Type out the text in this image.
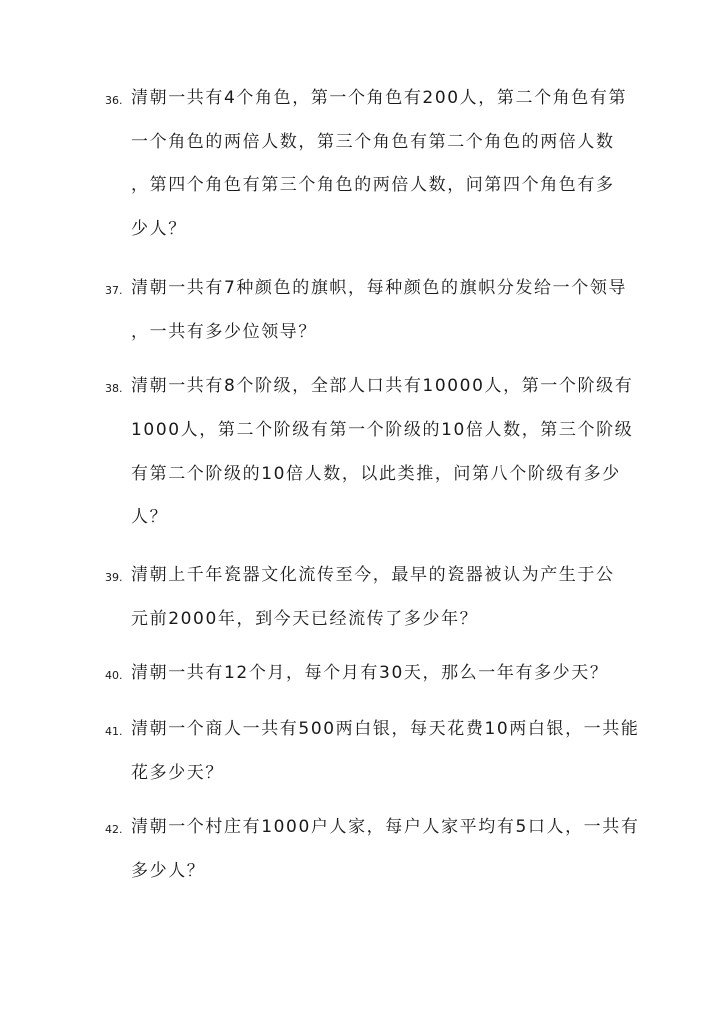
36. 清朝一共有4个角色，第一个角色有200人，第二个角色有第
一个角色的两倍人数，第三个角色有第二个角色的两倍人数
，第四个角色有第三个角色的两倍人数，问第四个角色有多
少人？
37. 清朝一共有7种颜色的旗帜，每种颜色的旗帜分发给一个领导
，一共有多少位领导？
38. 清朝一共有8个阶级，全部人口共有10000人，第一个阶级有
1000人，第二个阶级有第一个阶级的10倍人数，第三个阶级
有第二个阶级的10倍人数，以此类推，问第八个阶级有多少
人？
39. 清朝上千年瓷器文化流传至今，最早的瓷器被认为产生于公
元前2000年，到今天已经流传了多少年？
40. 清朝一共有12个月，每个月有30天，那么一年有多少天？
41. 清朝一个商人一共有500两白银，每天花费10两白银，一共能
花多少天？
42. 清朝一个村庄有1000户人家，每户人家平均有5口人，一共有
多少人？
